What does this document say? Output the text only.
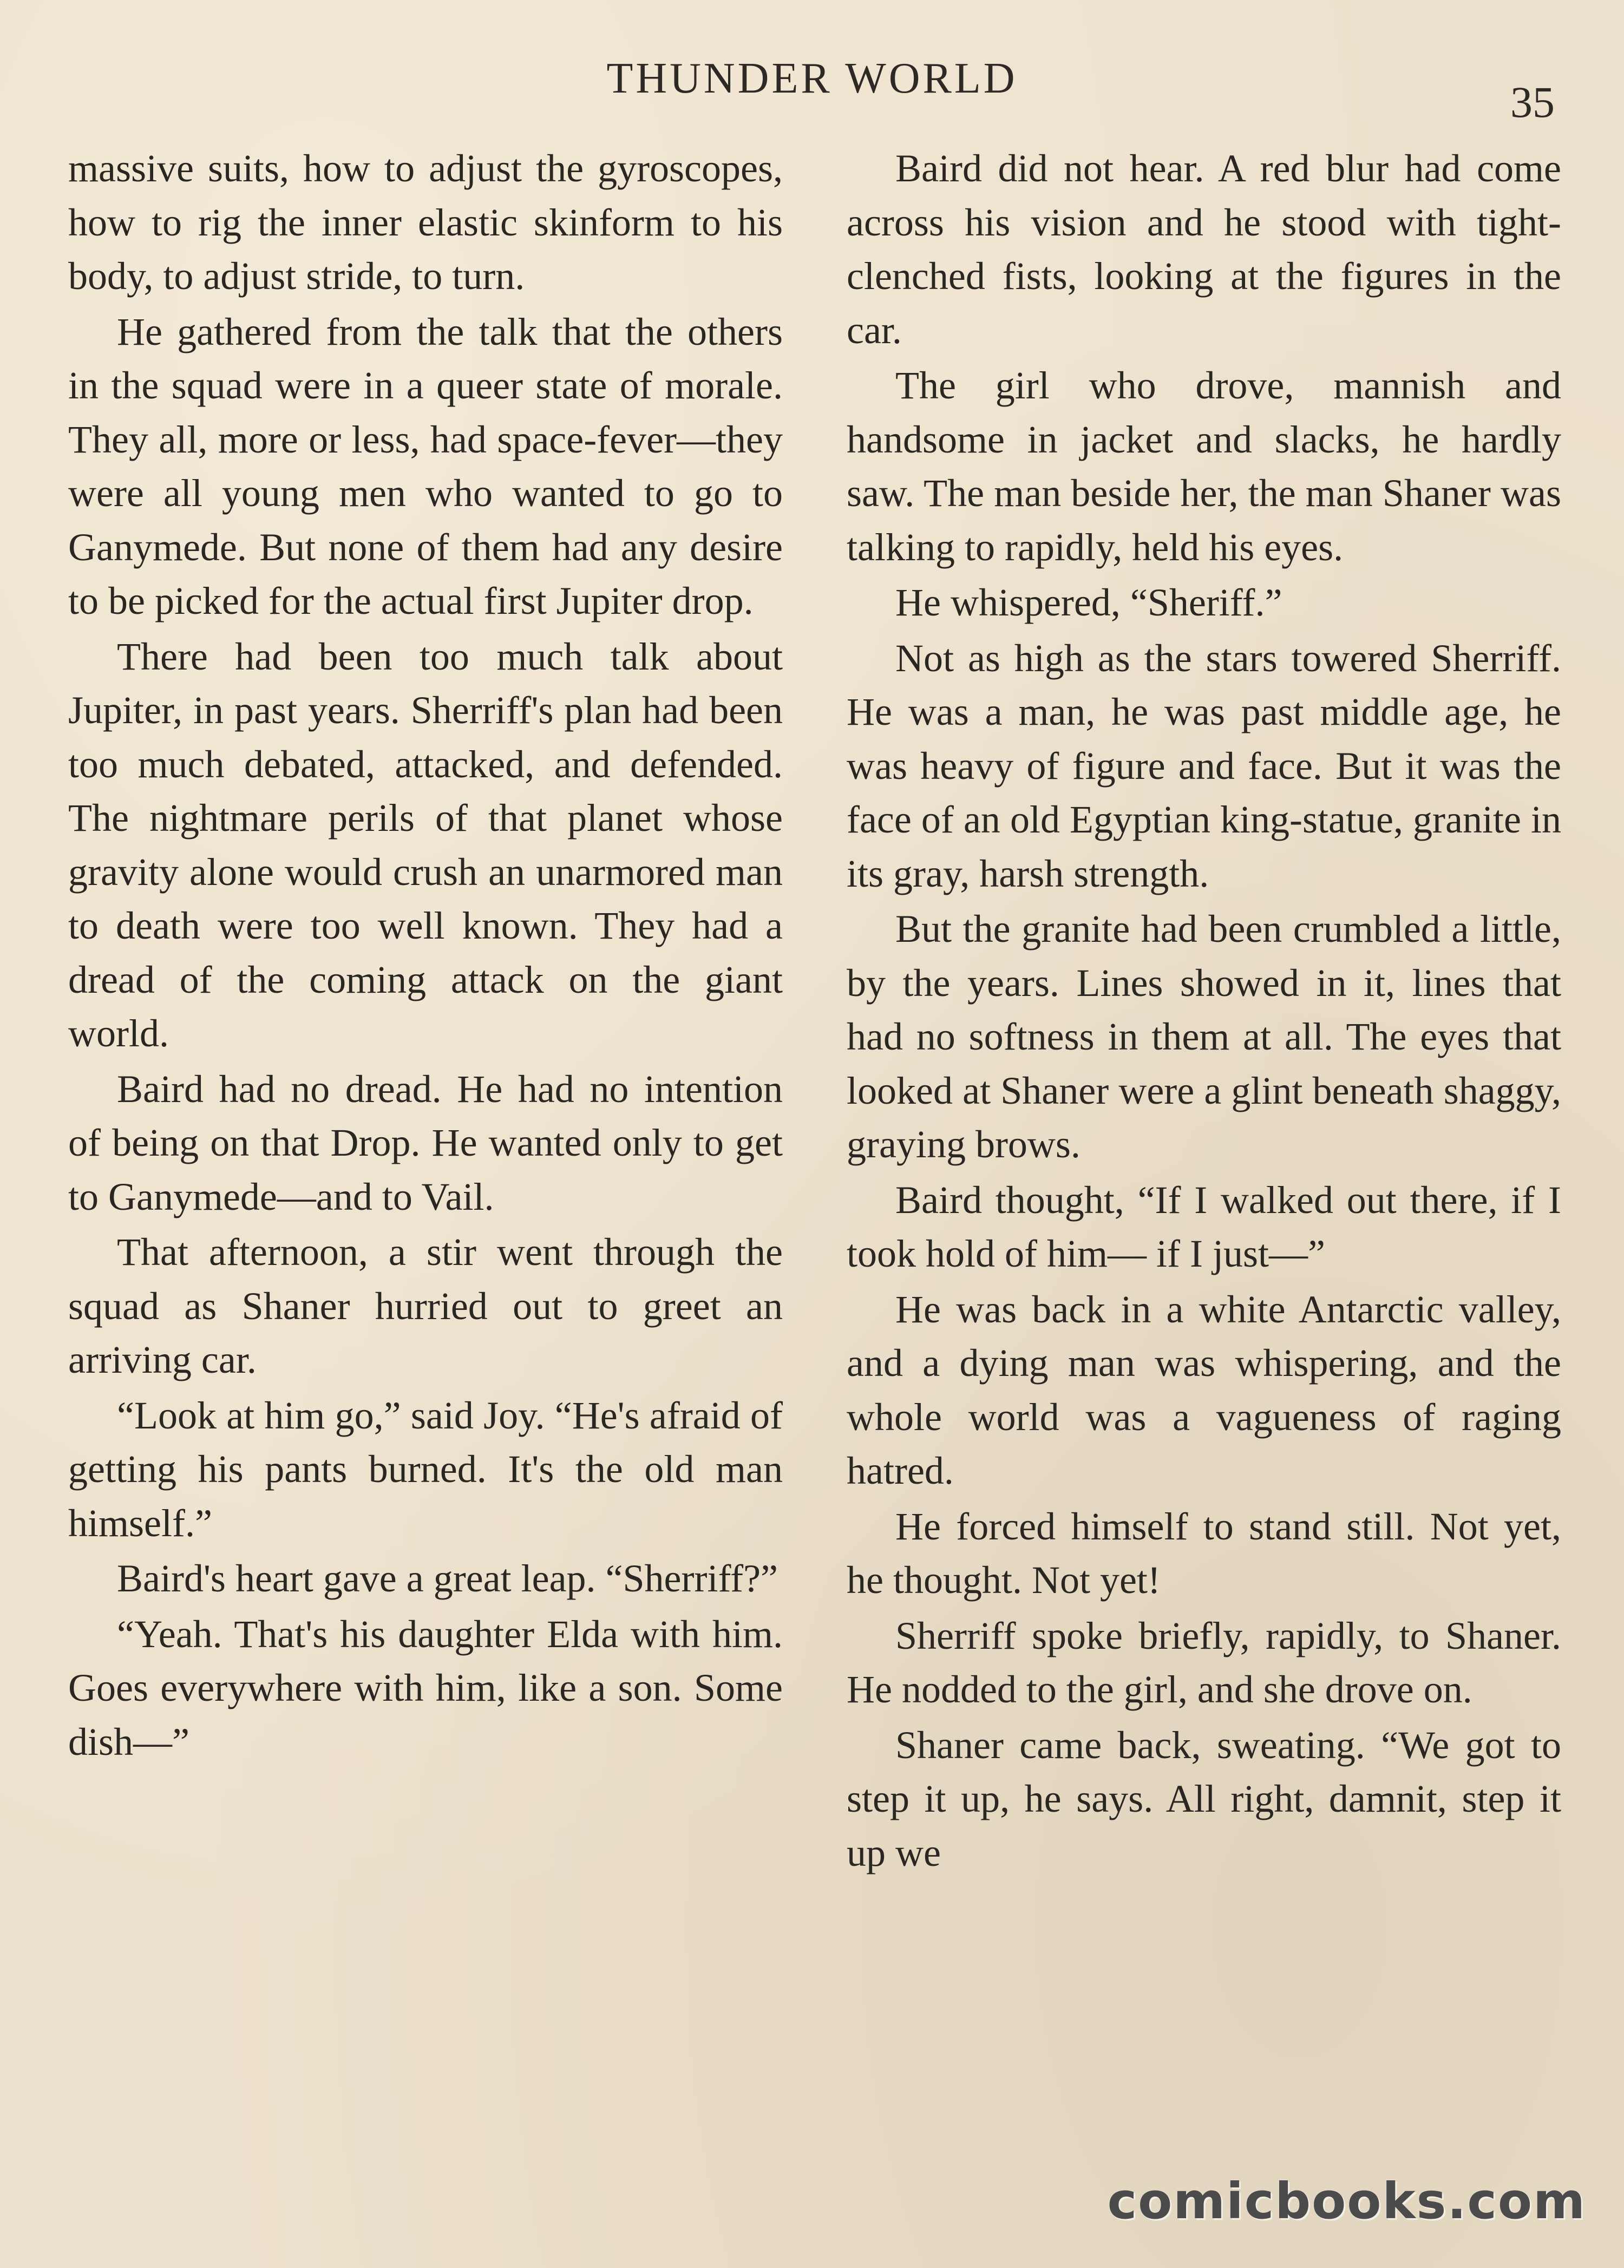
THUNDER WORLD	35

massive suits, how to adjust the gyroscopes, how to rig the inner elastic skinform to his body, to adjust stride, to turn.

He gathered from the talk that the others in the squad were in a queer state of morale. They all, more or less, had space-fever—they were all young men who wanted to go to Ganymede. But none of them had any desire to be picked for the actual first Jupiter drop.

There had been too much talk about Jupiter, in past years. Sherriff's plan had been too much debated, attacked, and defended. The nightmare perils of that planet whose gravity alone would crush an unarmored man to death were too well known. They had a dread of the coming attack on the giant world.

Baird had no dread. He had no intention of being on that Drop. He wanted only to get to Ganymede—and to Vail.

That afternoon, a stir went through the squad as Shaner hurried out to greet an arriving car.

“Look at him go,” said Joy. “He's afraid of getting his pants burned. It's the old man himself.”

Baird's heart gave a great leap. “Sherriff?”

“Yeah. That's his daughter Elda with him. Goes everywhere with him, like a son. Some dish—”

Baird did not hear. A red blur had come across his vision and he stood with tight-clenched fists, looking at the figures in the car.

The girl who drove, mannish and handsome in jacket and slacks, he hardly saw. The man beside her, the man Shaner was talking to rapidly, held his eyes.

He whispered, “Sheriff.”

Not as high as the stars towered Sherriff. He was a man, he was past middle age, he was heavy of figure and face. But it was the face of an old Egyptian king-statue, granite in its gray, harsh strength.

But the granite had been crumbled a little, by the years. Lines showed in it, lines that had no softness in them at all. The eyes that looked at Shaner were a glint beneath shaggy, graying brows.

Baird thought, “If I walked out there, if I took hold of him— if I just—”

He was back in a white Antarctic valley, and a dying man was whispering, and the whole world was a vagueness of raging hatred.

He forced himself to stand still. Not yet, he thought. Not yet!

Sherriff spoke briefly, rapidly, to Shaner. He nodded to the girl, and she drove on.

Shaner came back, sweating. “We got to step it up, he says. All right, damnit, step it up we

comicbooks.com
